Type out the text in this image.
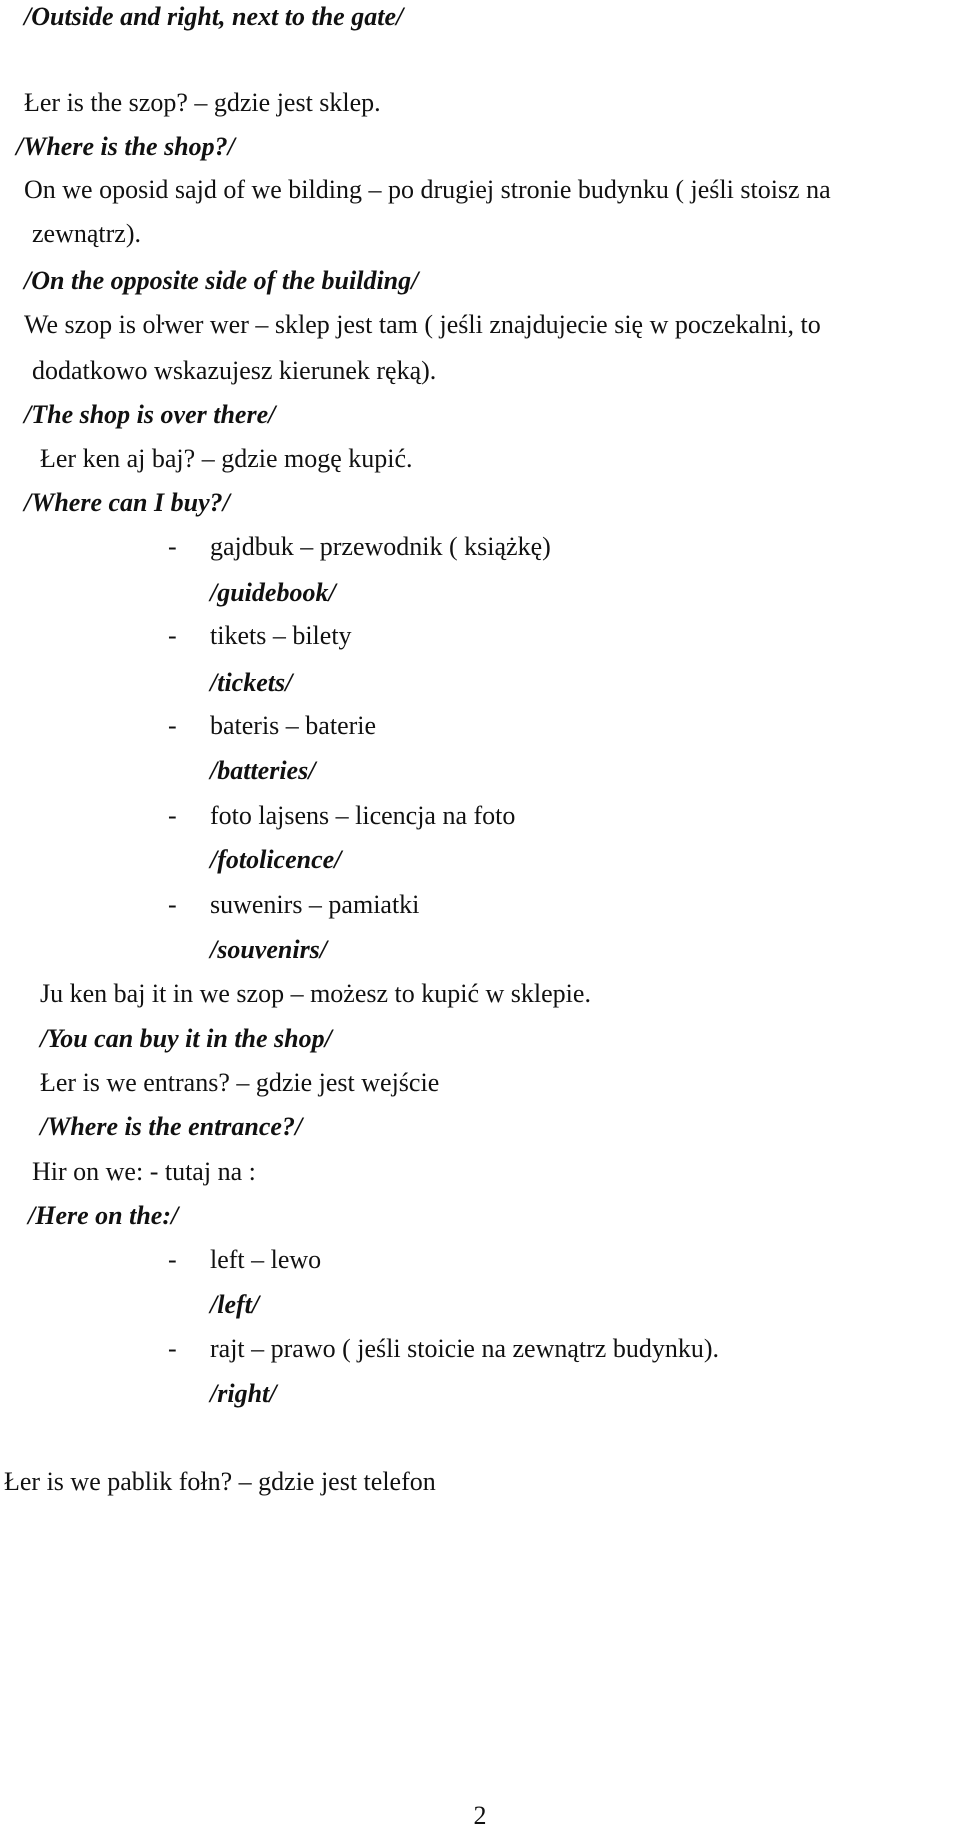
/Outside and right, next to the gate/
Łer is the szop? – gdzie jest sklep.
/Where is the shop?/
On we oposid sajd of we bilding – po drugiej stronie budynku ( jeśli stoisz na
zewnątrz).
/On the opposite side of the building/
We szop is oŀwer wer – sklep jest tam ( jeśli znajdujecie się w poczekalni, to
dodatkowo wskazujesz kierunek ręką).
/The shop is over there/
Łer ken aj baj? – gdzie mogę kupić.
/Where can I buy?/
- gajdbuk – przewodnik ( książkę)
/guidebook/
- tikets – bilety
/tickets/
- bateris – baterie
/batteries/
- foto lajsens – licencja na foto
/fotolicence/
- suwenirs – pamiatki
/souvenirs/
Ju ken baj it in we szop – możesz to kupić w sklepie.
/You can buy it in the shop/
Łer is we entrans? – gdzie jest wejście
/Where is the entrance?/
Hir on we: - tutaj na :
/Here on the:/
- left – lewo
/left/
- rajt – prawo ( jeśli stoicie na zewnątrz budynku).
/right/
Łer is we pablik fołn? – gdzie jest telefon
2
